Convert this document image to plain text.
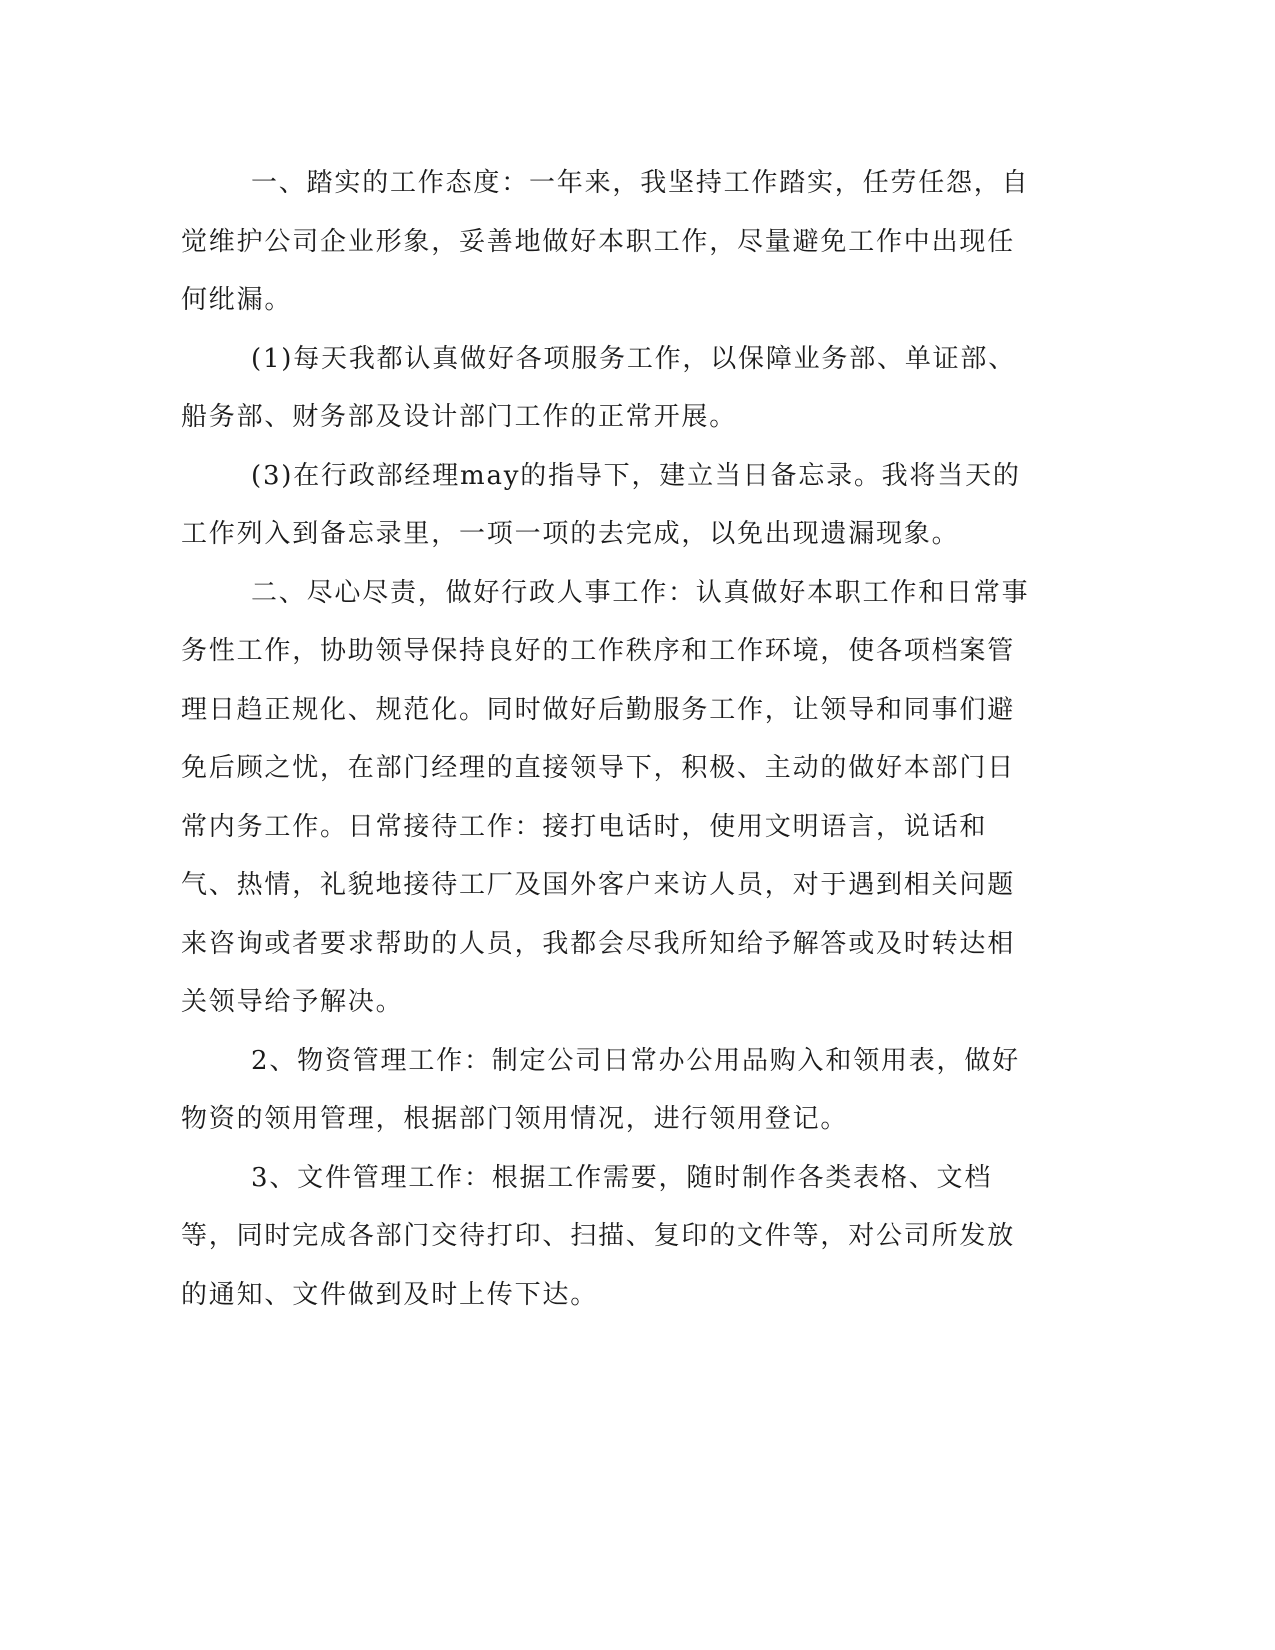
一、踏实的工作态度：一年来，我坚持工作踏实，任劳任怨，自觉维护公司企业形象，妥善地做好本职工作，尽量避免工作中出现任何纰漏。

(1)每天我都认真做好各项服务工作，以保障业务部、单证部、船务部、财务部及设计部门工作的正常开展。

(3)在行政部经理may的指导下，建立当日备忘录。我将当天的工作列入到备忘录里，一项一项的去完成，以免出现遗漏现象。

二、尽心尽责，做好行政人事工作：认真做好本职工作和日常事务性工作，协助领导保持良好的工作秩序和工作环境，使各项档案管理日趋正规化、规范化。同时做好后勤服务工作，让领导和同事们避免后顾之忧，在部门经理的直接领导下，积极、主动的做好本部门日常内务工作。日常接待工作：接打电话时，使用文明语言，说话和气、热情，礼貌地接待工厂及国外客户来访人员，对于遇到相关问题来咨询或者要求帮助的人员，我都会尽我所知给予解答或及时转达相关领导给予解决。

2、物资管理工作：制定公司日常办公用品购入和领用表，做好物资的领用管理，根据部门领用情况，进行领用登记。

3、文件管理工作：根据工作需要，随时制作各类表格、文档等，同时完成各部门交待打印、扫描、复印的文件等，对公司所发放的通知、文件做到及时上传下达。
